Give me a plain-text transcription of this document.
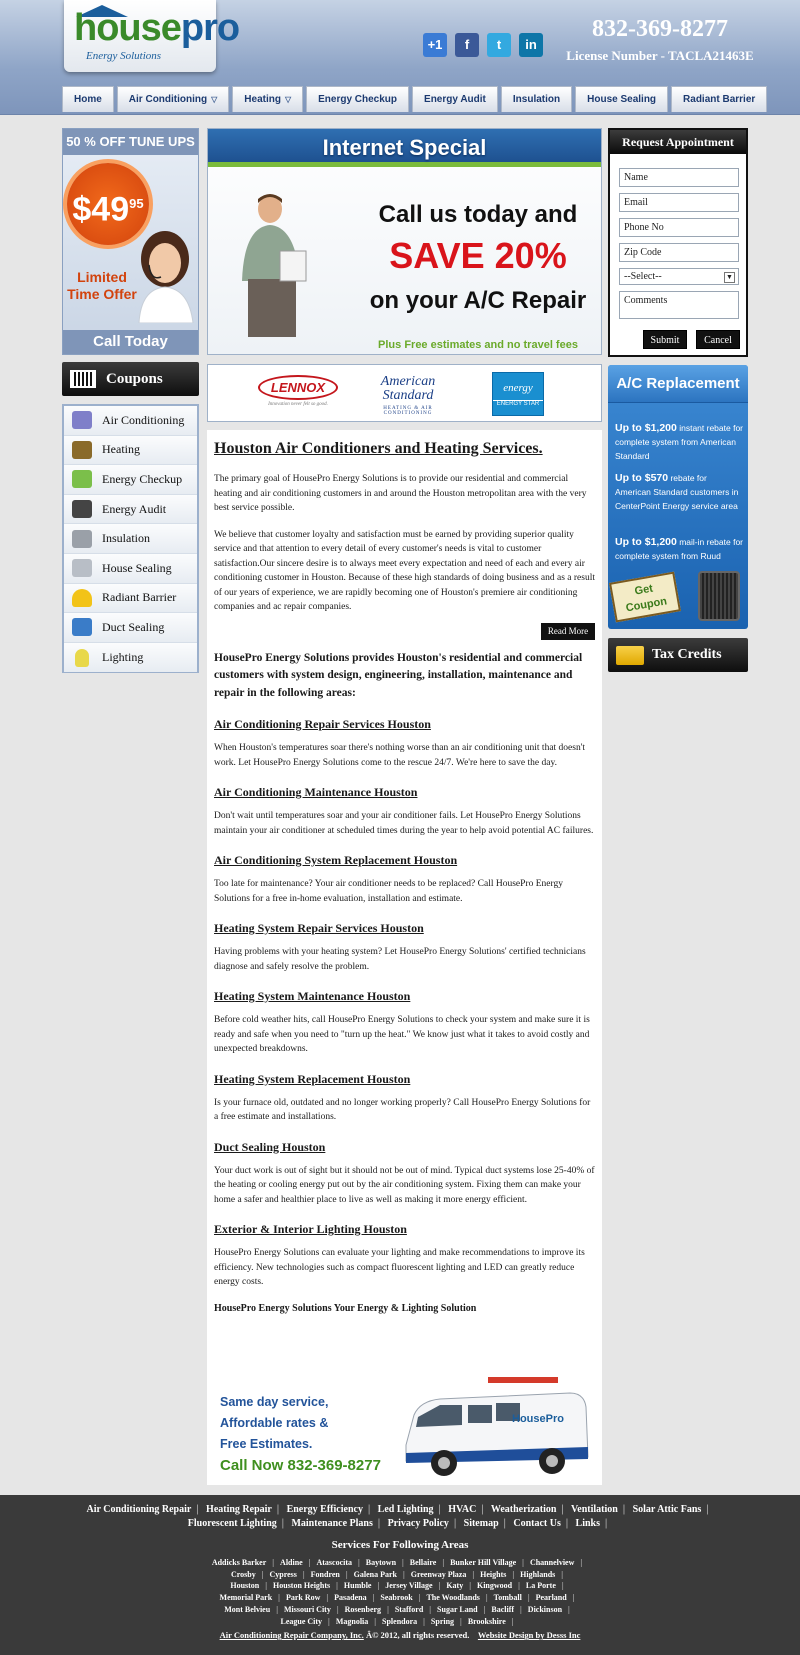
housepro
Energy Solutions
+1	f	t	in
832-369-8277
License Number - TACLA21463E
Home	Air Conditioning ▽	Heating ▽	Energy Checkup	Energy Audit	Insulation	House Sealing	Radiant Barrier
50 % OFF TUNE UPS
$\$49^{95}$
Limited Time Offer
Call Today
Coupons
Air Conditioning
Heating
Energy Checkup
Energy Audit
Insulation
House Sealing
Radiant Barrier
Duct Sealing
Lighting
Internet Special
Call us today and
SAVE 20%
on your A/C Repair
Plus Free estimates and no travel fees
LENNOX
Innovation never felt so good.
American Standard
HEATING & AIR CONDITIONING
energy
ENERGY STAR
Houston Air Conditioners and Heating Services.

The primary goal of HousePro Energy Solutions is to provide our residential and commercial heating and air conditioning customers in and around the Houston metropolitan area with the very best service possible.

We believe that customer loyalty and satisfaction must be earned by providing superior quality service and that attention to every detail of every customer's needs is vital to customer satisfaction.Our sincere desire is to always meet every expectation and need of each and every air conditioning customer in Houston. Because of these high standards of doing business and as a result of our years of experience, we are rapidly becoming one of Houston's premiere air conditioning companies and ac repair companies.

Read More

HousePro Energy Solutions provides Houston's residential and commercial customers with system design, engineering, installation, maintenance and repair in the following areas:

Air Conditioning Repair Services Houston

When Houston's temperatures soar there's nothing worse than an air conditioning unit that doesn't work. Let HousePro Energy Solutions come to the rescue 24/7. We're here to save the day.

Air Conditioning Maintenance Houston

Don't wait until temperatures soar and your air conditioner fails. Let HousePro Energy Solutions maintain your air conditioner at scheduled times during the year to help avoid potential AC failures.

Air Conditioning System Replacement Houston

Too late for maintenance? Your air conditioner needs to be replaced? Call HousePro Energy Solutions for a free in-home evaluation, installation and estimate.

Heating System Repair Services Houston

Having problems with your heating system? Let HousePro Energy Solutions' certified technicians diagnose and safely resolve the problem.

Heating System Maintenance Houston

Before cold weather hits, call HousePro Energy Solutions to check your system and make sure it is ready and safe when you need to "turn up the heat." We know just what it takes to avoid costly and unexpected breakdowns.

Heating System Replacement Houston

Is your furnace old, outdated and no longer working properly? Call HousePro Energy Solutions for a free estimate and installations.

Duct Sealing Houston

Your duct work is out of sight but it should not be out of mind. Typical duct systems lose 25-40% of the heating or cooling energy put out by the air conditioning system. Fixing them can make your home a safer and healthier place to live as well as making it more energy efficient.

Exterior & Interior Lighting Houston

HousePro Energy Solutions can evaluate your lighting and make recommendations to improve its efficiency. New technologies such as compact fluorescent lighting and LED can greatly reduce energy costs.

HousePro Energy Solutions Your Energy & Lighting Solution

Same day service,
Affordable rates &
Free Estimates.
Call Now 832-369-8277
HousePro
Request Appointment
Name
Email
Phone No
Zip Code
--Select--	▼
Comments
Submit	Cancel
A/C Replacement
Up to $1,200 instant rebate for complete system from American Standard
Up to $570 rebate for American Standard customers in CenterPoint Energy service area
Up to $1,200 mail-in rebate for complete system from Ruud
Get Coupon
Tax Credits
Air Conditioning Repair | Heating Repair | Energy Efficiency | Led Lighting | HVAC | Weatherization | Ventilation | Solar Attic Fans |
Fluorescent Lighting | Maintenance Plans | Privacy Policy | Sitemap | Contact Us | Links |
Services For Following Areas
Addicks Barker | Aldine | Atascocita | Baytown | Bellaire | Bunker Hill Village | Channelview |
Crosby | Cypress | Fondren | Galena Park | Greenway Plaza | Heights | Highlands |
Houston | Houston Heights | Humble | Jersey Village | Katy | Kingwood | La Porte |
Memorial Park | Park Row | Pasadena | Seabrook | The Woodlands | Tomball | Pearland |
Mont Belvieu | Missouri City | Rosenberg | Stafford | Sugar Land | Bacliff | Dickinson |
League City | Magnolia | Splendora | Spring | Brookshire |
Air Conditioning Repair Company, Inc. Â© 2012, all rights reserved. Website Design by Desss Inc
